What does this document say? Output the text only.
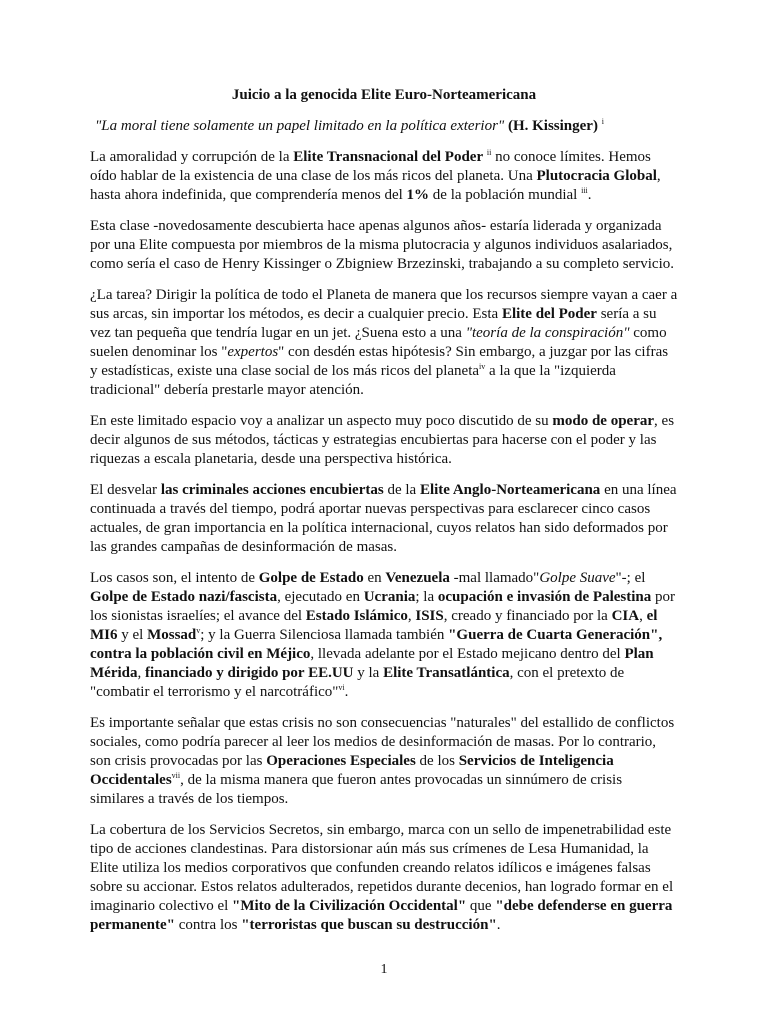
Juicio a la genocida Elite Euro-Norteamericana
"La moral tiene solamente un papel limitado en la política exterior" (H. Kissinger) $^i$

La amoralidad y corrupción de la Elite Transnacional del Poder $^{ii}$ no conoce límites. Hemos oído hablar de la existencia de una clase de los más ricos del planeta. Una Plutocracia Global, hasta ahora indefinida, que comprendería menos del 1% de la población mundial $^{iii}$.

Esta clase -novedosamente descubierta hace apenas algunos años- estaría liderada y organizada por una Elite compuesta por miembros de la misma plutocracia y algunos individuos asalariados, como sería el caso de Henry Kissinger o Zbigniew Brzezinski, trabajando a su completo servicio.

¿La tarea? Dirigir la política de todo el Planeta de manera que los recursos siempre vayan a caer a sus arcas, sin importar los métodos, es decir a cualquier precio. Esta Elite del Poder sería a su vez tan pequeña que tendría lugar en un jet. ¿Suena esto a una "teoría de la conspiración" como suelen denominar los "expertos" con desdén estas hipótesis? Sin embargo, a juzgar por las cifras y estadísticas, existe una clase social de los más ricos del planeta$^{iv}$ a la que la "izquierda tradicional" debería prestarle mayor atención.

En este limitado espacio voy a analizar un aspecto muy poco discutido de su modo de operar, es decir algunos de sus métodos, tácticas y estrategias encubiertas para hacerse con el poder y las riquezas a escala planetaria, desde una perspectiva histórica.

El desvelar las criminales acciones encubiertas de la Elite Anglo-Norteamericana en una línea continuada a través del tiempo, podrá aportar nuevas perspectivas para esclarecer cinco casos actuales, de gran importancia en la política internacional, cuyos relatos han sido deformados por las grandes campañas de desinformación de masas.

Los casos son, el intento de Golpe de Estado en Venezuela -mal llamado"Golpe Suave"-; el Golpe de Estado nazi/fascista, ejecutado en Ucrania; la ocupación e invasión de Palestina por los sionistas israelíes; el avance del Estado Islámico, ISIS, creado y financiado por la CIA, el MI6 y el Mossad$^v$; y la Guerra Silenciosa llamada también "Guerra de Cuarta Generación", contra la población civil en Méjico, llevada adelante por el Estado mejicano dentro del Plan Mérida, financiado y dirigido por EE.UU y la Elite Transatlántica, con el pretexto de "combatir el terrorismo y el narcotráfico"$^{vi}$.

Es importante señalar que estas crisis no son consecuencias "naturales" del estallido de conflictos sociales, como podría parecer al leer los medios de desinformación de masas. Por lo contrario, son crisis provocadas por las Operaciones Especiales de los Servicios de Inteligencia Occidentales$^{vii}$, de la misma manera que fueron antes provocadas un sinnúmero de crisis similares a través de los tiempos.

La cobertura de los Servicios Secretos, sin embargo, marca con un sello de impenetrabilidad este tipo de acciones clandestinas. Para distorsionar aún más sus crímenes de Lesa Humanidad, la Elite utiliza los medios corporativos que confunden creando relatos idílicos e imágenes falsas sobre su accionar. Estos relatos adulterados, repetidos durante decenios, han logrado formar en el imaginario colectivo el "Mito de la Civilización Occidental" que "debe defenderse en guerra permanente" contra los "terroristas que buscan su destrucción".

1
